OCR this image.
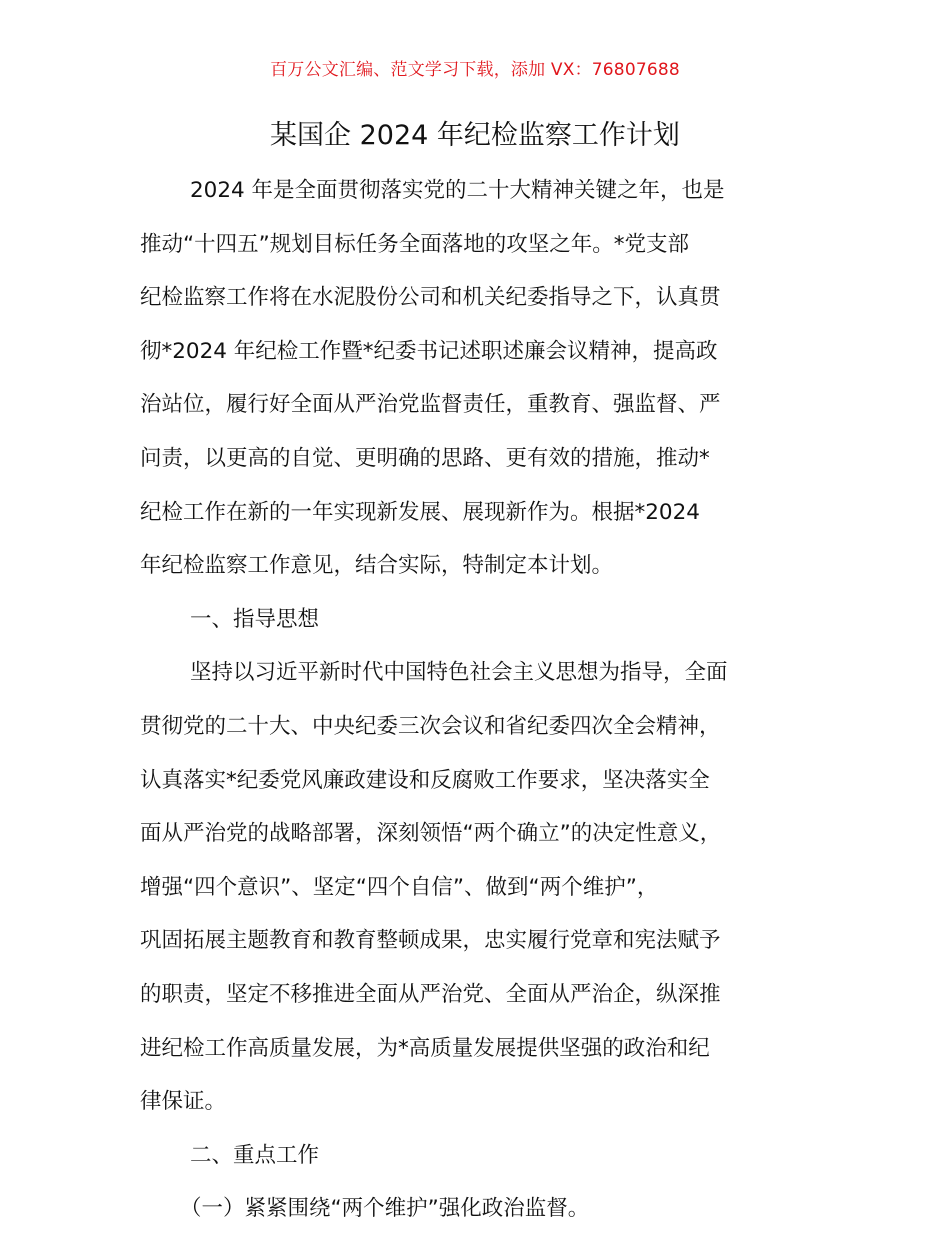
百万公文汇编、范文学习下载，添加 VX：76807688
某国企 2024 年纪检监察工作计划
2024 年是全面贯彻落实党的二十大精神关键之年，也是
推动“十四五”规划目标任务全面落地的攻坚之年。*党支部
纪检监察工作将在水泥股份公司和机关纪委指导之下，认真贯
彻*2024 年纪检工作暨*纪委书记述职述廉会议精神，提高政
治站位，履行好全面从严治党监督责任，重教育、强监督、严
问责，以更高的自觉、更明确的思路、更有效的措施，推动*
纪检工作在新的一年实现新发展、展现新作为。根据*2024
年纪检监察工作意见，结合实际，特制定本计划。
一、指导思想
坚持以习近平新时代中国特色社会主义思想为指导，全面
贯彻党的二十大、中央纪委三次会议和省纪委四次全会精神，
认真落实*纪委党风廉政建设和反腐败工作要求，坚决落实全
面从严治党的战略部署，深刻领悟“两个确立”的决定性意义，
增强“四个意识”、坚定“四个自信”、做到“两个维护”，
巩固拓展主题教育和教育整顿成果，忠实履行党章和宪法赋予
的职责，坚定不移推进全面从严治党、全面从严治企，纵深推
进纪检工作高质量发展，为*高质量发展提供坚强的政治和纪
律保证。
二、重点工作
（一）紧紧围绕“两个维护”强化政治监督。
